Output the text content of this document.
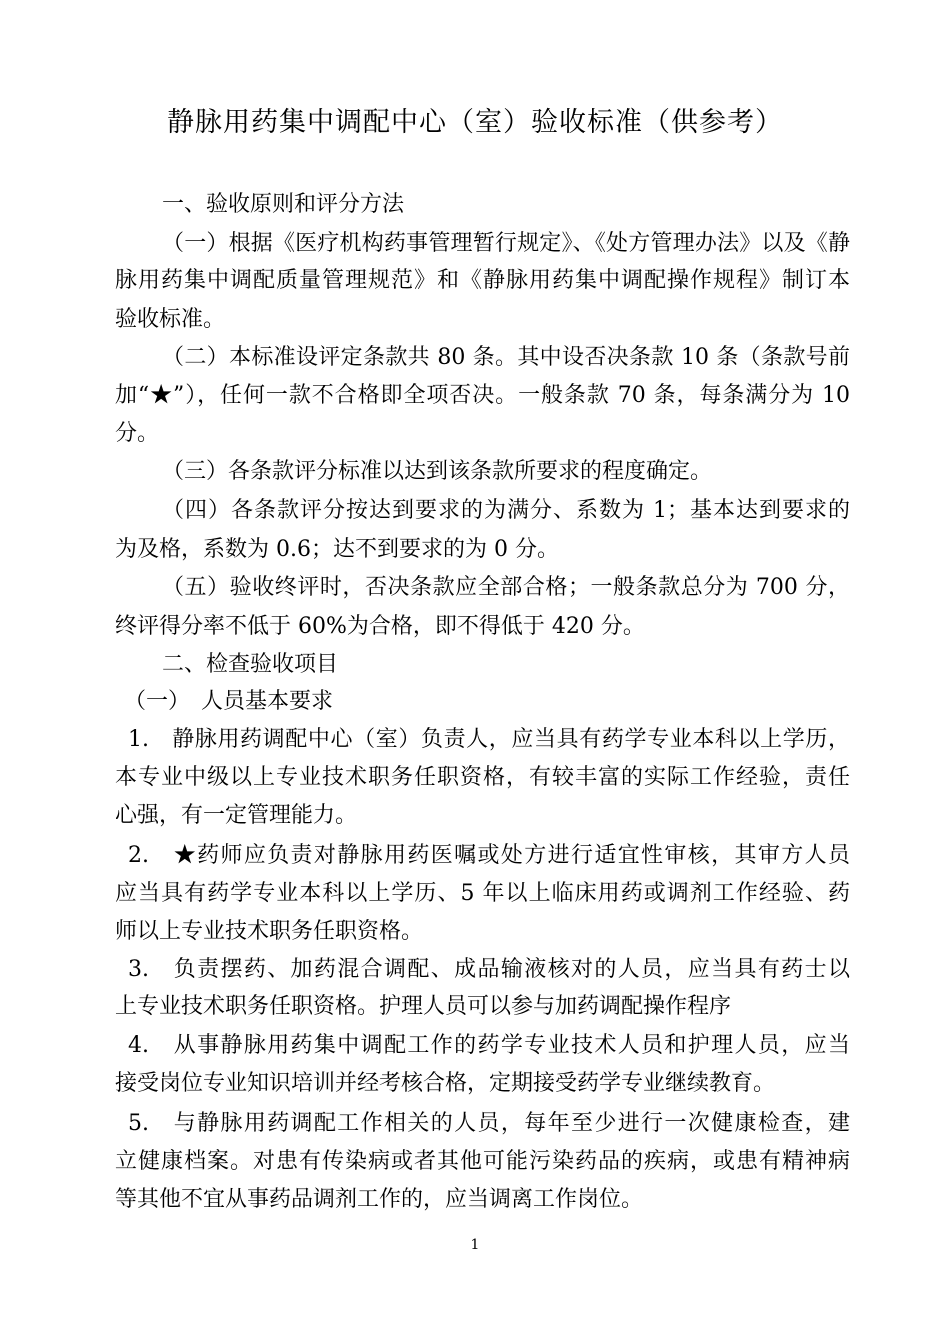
静脉用药集中调配中心（室）验收标准（供参考）
一、验收原则和评分方法
（一）根据《医疗机构药事管理暂行规定》、《处方管理办法》以及《静
脉用药集中调配质量管理规范》和《静脉用药集中调配操作规程》制订本
验收标准。
（二）本标准设评定条款共 80 条。其中设否决条款 10 条（条款号前
加“★”），任何一款不合格即全项否决。一般条款 70 条，每条满分为 10
分。
（三）各条款评分标准以达到该条款所要求的程度确定。
（四）各条款评分按达到要求的为满分、系数为 1；基本达到要求的
为及格，系数为 0.6；达不到要求的为 0 分。
（五）验收终评时，否决条款应全部合格；一般条款总分为 700 分，
终评得分率不低于 60%为合格，即不得低于 420 分。
二、检查验收项目
（一）　人员基本要求
1.　静脉用药调配中心（室）负责人，应当具有药学专业本科以上学历，
本专业中级以上专业技术职务任职资格，有较丰富的实际工作经验，责任
心强，有一定管理能力。
2.　★药师应负责对静脉用药医嘱或处方进行适宜性审核，其审方人员
应当具有药学专业本科以上学历、5 年以上临床用药或调剂工作经验、药
师以上专业技术职务任职资格。
3.　负责摆药、加药混合调配、成品输液核对的人员，应当具有药士以
上专业技术职务任职资格。护理人员可以参与加药调配操作程序
4.　从事静脉用药集中调配工作的药学专业技术人员和护理人员，应当
接受岗位专业知识培训并经考核合格，定期接受药学专业继续教育。
5.　与静脉用药调配工作相关的人员，每年至少进行一次健康检查，建
立健康档案。对患有传染病或者其他可能污染药品的疾病，或患有精神病
等其他不宜从事药品调剂工作的，应当调离工作岗位。
1
